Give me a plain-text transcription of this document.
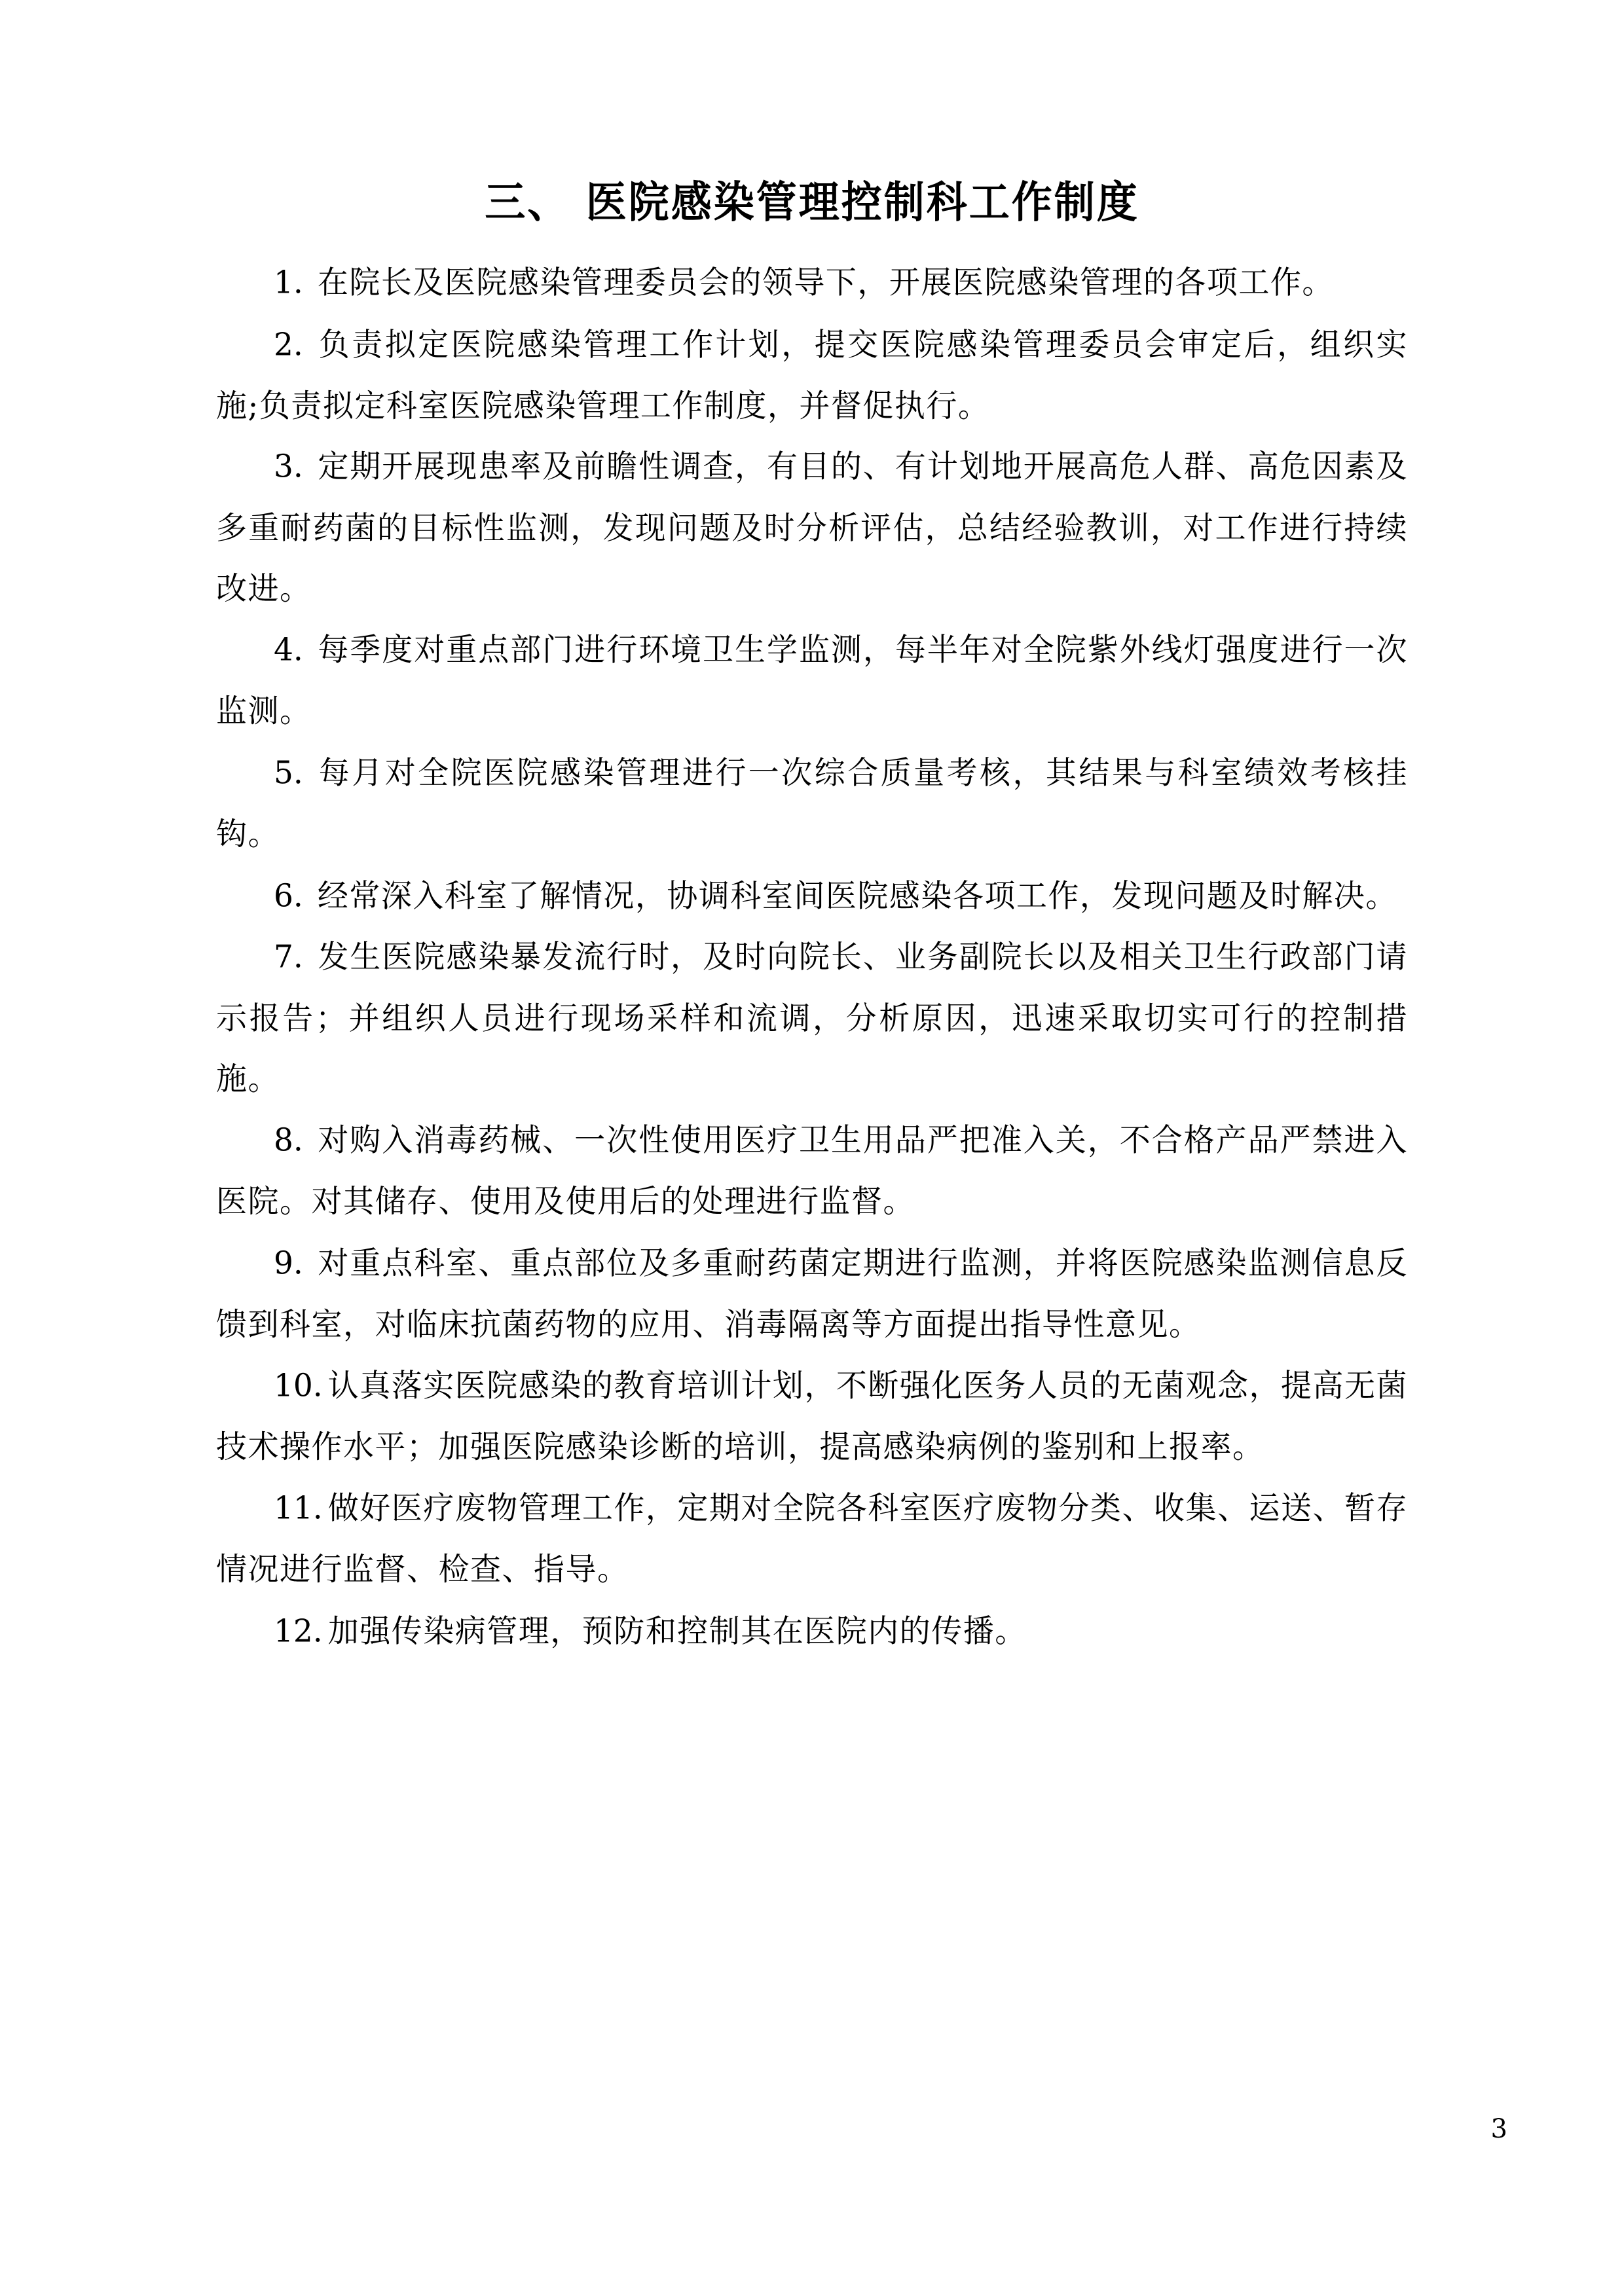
三、 医院感染管理控制科工作制度

1. 在院长及医院感染管理委员会的领导下，开展医院感染管理的各项工作。

2. 负责拟定医院感染管理工作计划，提交医院感染管理委员会审定后，组织实施;负责拟定科室医院感染管理工作制度，并督促执行。

3. 定期开展现患率及前瞻性调查，有目的、有计划地开展高危人群、高危因素及多重耐药菌的目标性监测，发现问题及时分析评估，总结经验教训，对工作进行持续改进。

4. 每季度对重点部门进行环境卫生学监测，每半年对全院紫外线灯强度进行一次监测。

5. 每月对全院医院感染管理进行一次综合质量考核，其结果与科室绩效考核挂钩。

6. 经常深入科室了解情况，协调科室间医院感染各项工作，发现问题及时解决。

7. 发生医院感染暴发流行时，及时向院长、业务副院长以及相关卫生行政部门请示报告；并组织人员进行现场采样和流调，分析原因，迅速采取切实可行的控制措施。

8. 对购入消毒药械、一次性使用医疗卫生用品严把准入关，不合格产品严禁进入医院。对其储存、使用及使用后的处理进行监督。

9. 对重点科室、重点部位及多重耐药菌定期进行监测，并将医院感染监测信息反馈到科室，对临床抗菌药物的应用、消毒隔离等方面提出指导性意见。

10. 认真落实医院感染的教育培训计划，不断强化医务人员的无菌观念，提高无菌技术操作水平；加强医院感染诊断的培训，提高感染病例的鉴别和上报率。

11. 做好医疗废物管理工作，定期对全院各科室医疗废物分类、收集、运送、暂存情况进行监督、检查、指导。

12. 加强传染病管理，预防和控制其在医院内的传播。

3
